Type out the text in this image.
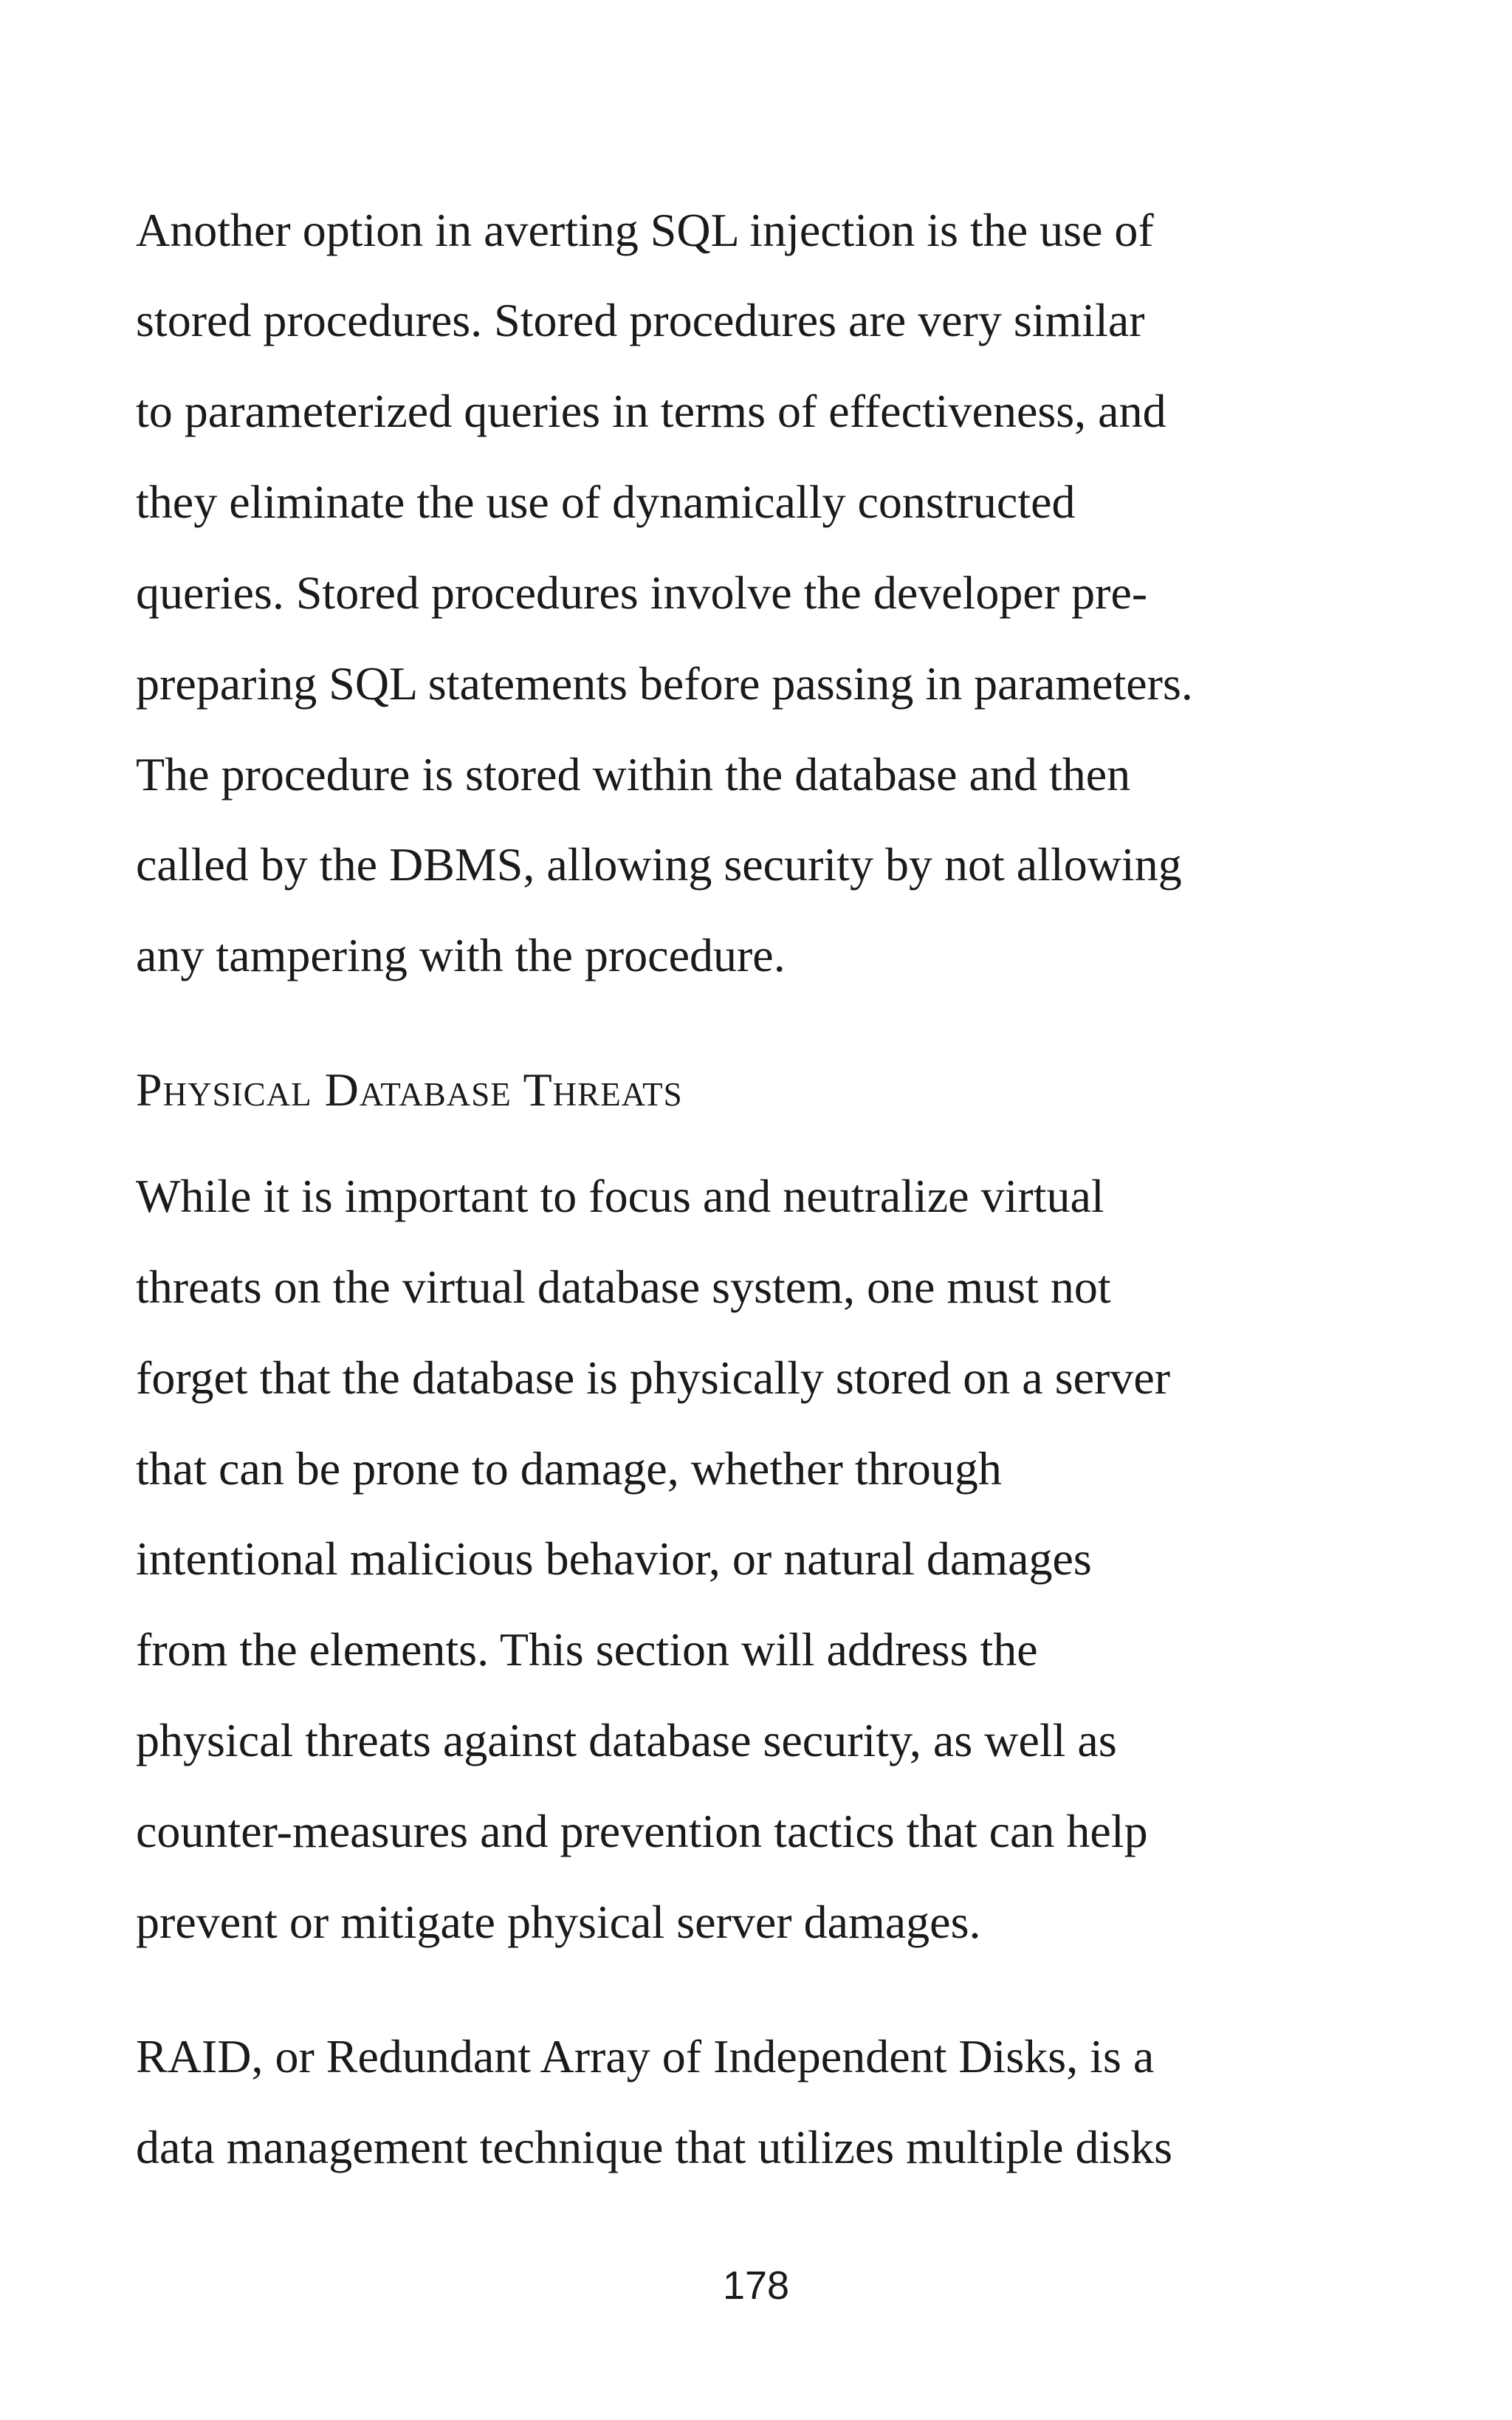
Another option in averting SQL injection is the use of
stored procedures. Stored procedures are very similar
to parameterized queries in terms of effectiveness, and
they eliminate the use of dynamically constructed
queries. Stored procedures involve the developer pre-
preparing SQL statements before passing in parameters.
The procedure is stored within the database and then
called by the DBMS, allowing security by not allowing
any tampering with the procedure.
Physical Database Threats
While it is important to focus and neutralize virtual
threats on the virtual database system, one must not
forget that the database is physically stored on a server
that can be prone to damage, whether through
intentional malicious behavior, or natural damages
from the elements. This section will address the
physical threats against database security, as well as
counter-measures and prevention tactics that can help
prevent or mitigate physical server damages.
RAID, or Redundant Array of Independent Disks, is a
data management technique that utilizes multiple disks
178
